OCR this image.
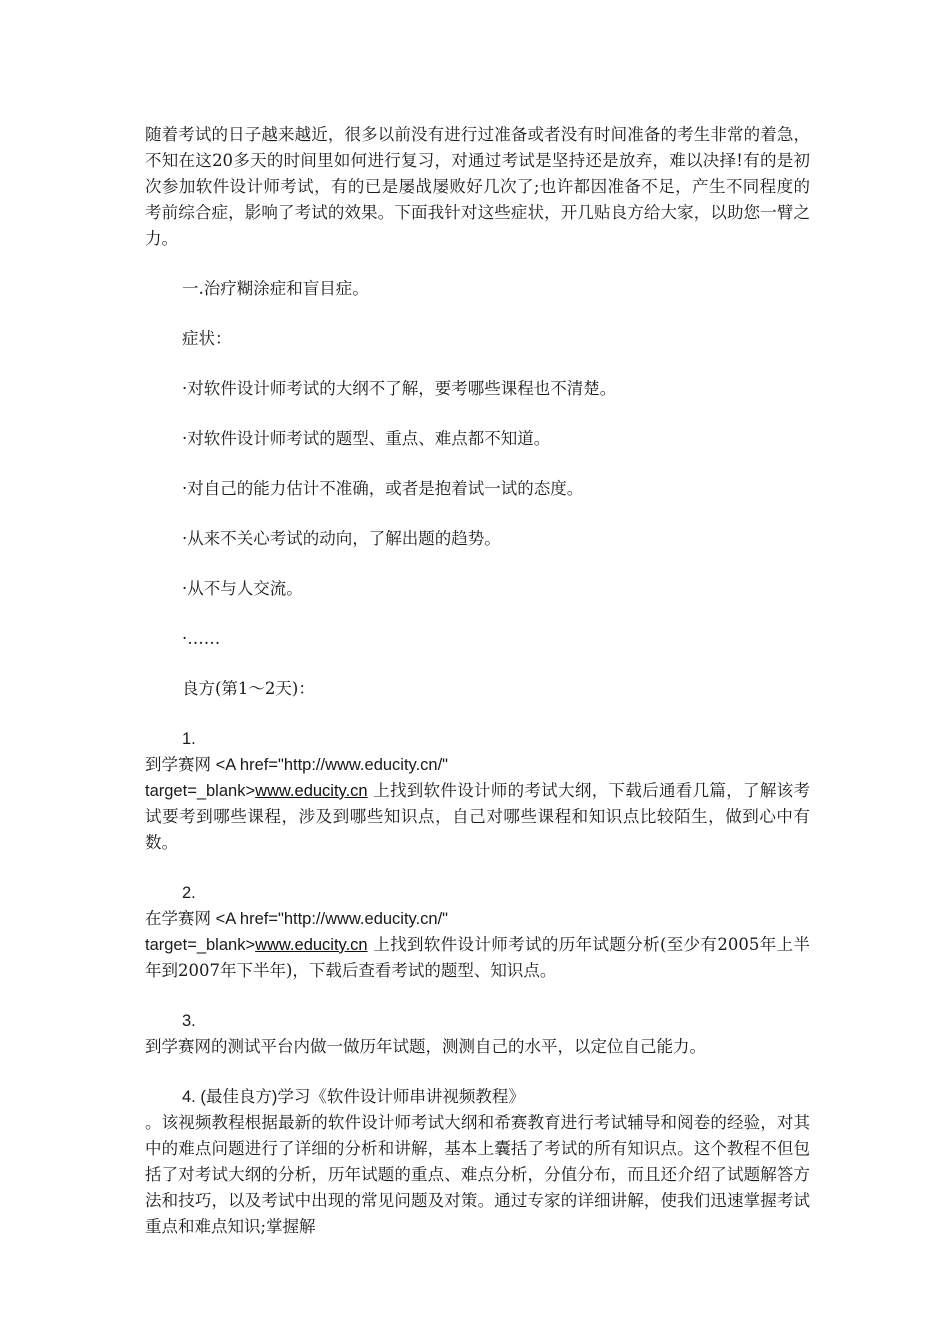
随着考试的日子越来越近，很多以前没有进行过准备或者没有时间准备的考生非常的着急，不知在这20多天的时间里如何进行复习，对通过考试是坚持还是放弃，难以决择!有的是初次参加软件设计师考试，有的已是屡战屡败好几次了;也许都因准备不足，产生不同程度的考前综合症，影响了考试的效果。下面我针对这些症状，开几贴良方给大家，以助您一臂之力。

一.治疗糊涂症和盲目症。

症状：

·对软件设计师考试的大纲不了解，要考哪些课程也不清楚。

·对软件设计师考试的题型、重点、难点都不知道。

·对自己的能力估计不准确，或者是抱着试一试的态度。

·从来不关心考试的动向，了解出题的趋势。

·从不与人交流。

·……

良方(第1～2天)：

1.
到学赛网 <A href="http://www.educity.cn/"

target=_blank>www.educity.cn 上找到软件设计师的考试大纲，下载后通看几篇，了解该考试要考到哪些课程，涉及到哪些知识点，自己对哪些课程和知识点比较陌生，做到心中有数。

2.
在学赛网 <A href="http://www.educity.cn/"

target=_blank>www.educity.cn 上找到软件设计师考试的历年试题分析(至少有2005年上半年到2007年下半年)，下载后查看考试的题型、知识点。

3.

到学赛网的测试平台内做一做历年试题，测测自己的水平，以定位自己能力。

4. (最佳良方)学习《软件设计师串讲视频教程》

。该视频教程根据最新的软件设计师考试大纲和希赛教育进行考试辅导和阅卷的经验，对其中的难点问题进行了详细的分析和讲解，基本上囊括了考试的所有知识点。这个教程不但包括了对考试大纲的分析，历年试题的重点、难点分析，分值分布，而且还介绍了试题解答方法和技巧，以及考试中出现的常见问题及对策。通过专家的详细讲解，使我们迅速掌握考试重点和难点知识;掌握解
